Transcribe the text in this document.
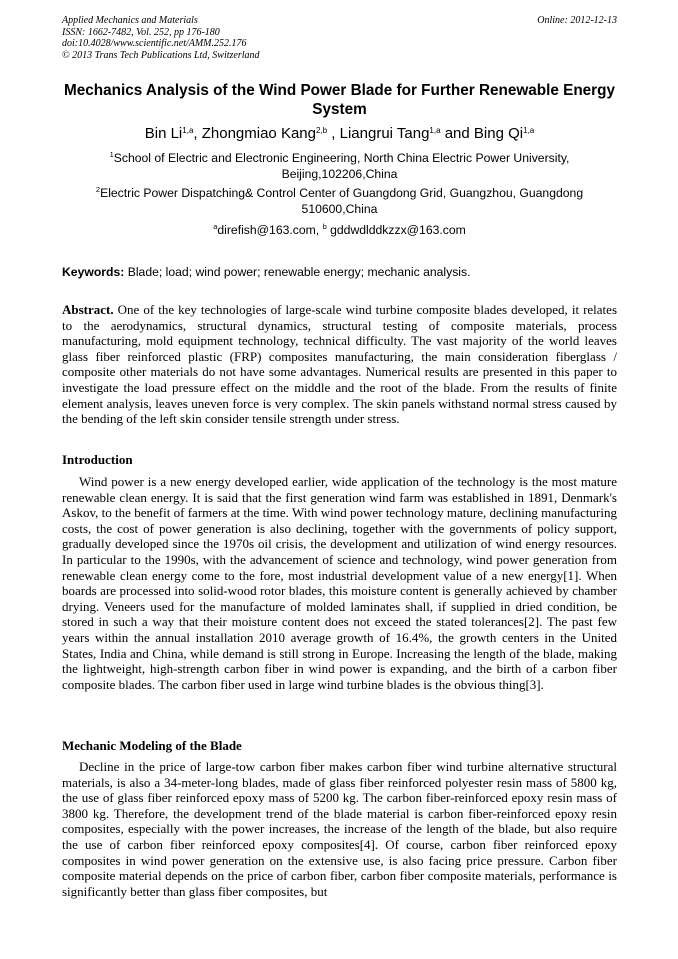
Applied Mechanics and Materials
ISSN: 1662-7482, Vol. 252, pp 176-180
doi:10.4028/www.scientific.net/AMM.252.176
© 2013 Trans Tech Publications Ltd, Switzerland
Online: 2012-12-13
Mechanics Analysis of the Wind Power Blade for Further Renewable Energy System
Bin Li$^{1,a}$, Zhongmiao Kang$^{2,b}$ , Liangrui Tang$^{1,a}$ and Bing Qi$^{1,a}$
$^1$School of Electric and Electronic Engineering, North China Electric Power University, Beijing,102206,China
$^2$Electric Power Dispatching& Control Center of Guangdong Grid, Guangzhou, Guangdong 510600,China
$^a$direfish@163.com, $^b$ gddwdlddkzzx@163.com
Keywords: Blade; load; wind power; renewable energy; mechanic analysis.
Abstract. One of the key technologies of large-scale wind turbine composite blades developed, it relates to the aerodynamics, structural dynamics, structural testing of composite materials, process manufacturing, mold equipment technology, technical difficulty. The vast majority of the world leaves glass fiber reinforced plastic (FRP) composites manufacturing, the main consideration fiberglass / composite other materials do not have some advantages. Numerical results are presented in this paper to investigate the load pressure effect on the middle and the root of the blade. From the results of finite element analysis, leaves uneven force is very complex. The skin panels withstand normal stress caused by the bending of the left skin consider tensile strength under stress.
Introduction
Wind power is a new energy developed earlier, wide application of the technology is the most mature renewable clean energy. It is said that the first generation wind farm was established in 1891, Denmark's Askov, to the benefit of farmers at the time. With wind power technology mature, declining manufacturing costs, the cost of power generation is also declining, together with the governments of policy support, gradually developed since the 1970s oil crisis, the development and utilization of wind energy resources. In particular to the 1990s, with the advancement of science and technology, wind power generation from renewable clean energy come to the fore, most industrial development value of a new energy[1]. When boards are processed into solid-wood rotor blades, this moisture content is generally achieved by chamber drying. Veneers used for the manufacture of molded laminates shall, if supplied in dried condition, be stored in such a way that their moisture content does not exceed the stated tolerances[2]. The past few years within the annual installation 2010 average growth of 16.4%, the growth centers in the United States, India and China, while demand is still strong in Europe. Increasing the length of the blade, making the lightweight, high-strength carbon fiber in wind power is expanding, and the birth of a carbon fiber composite blades. The carbon fiber used in large wind turbine blades is the obvious thing[3].
Mechanic Modeling of the Blade
Decline in the price of large-tow carbon fiber makes carbon fiber wind turbine alternative structural materials, is also a 34-meter-long blades, made of glass fiber reinforced polyester resin mass of 5800 kg, the use of glass fiber reinforced epoxy mass of 5200 kg. The carbon fiber-reinforced epoxy resin mass of 3800 kg. Therefore, the development trend of the blade material is carbon fiber-reinforced epoxy resin composites, especially with the power increases, the increase of the length of the blade, but also require the use of carbon fiber reinforced epoxy composites[4]. Of course, carbon fiber reinforced epoxy composites in wind power generation on the extensive use, is also facing price pressure. Carbon fiber composite material depends on the price of carbon fiber, carbon fiber composite materials, performance is significantly better than glass fiber composites, but
